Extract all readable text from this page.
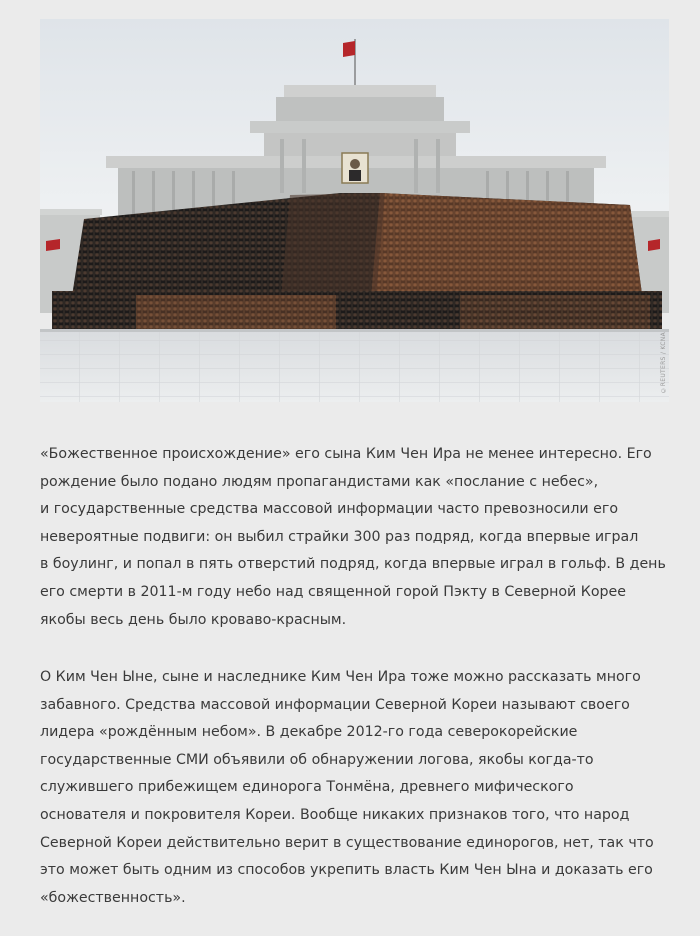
©REUTERS / KCNA
«Божественное происхождение» его сына Ким Чен Ира не менее интересно. Его
рождение было подано людям пропагандистами как «послание с небес»,
и государственные средства массовой информации часто превозносили его
невероятные подвиги: он выбил страйки 300 раз подряд, когда впервые играл
в боулинг, и попал в пять отверстий подряд, когда впервые играл в гольф. В день
его смерти в 2011-м году небо над священной горой Пэкту в Северной Корее
якобы весь день было кроваво-красным.
О Ким Чен Ыне, сыне и наследнике Ким Чен Ира тоже можно рассказать много
забавного. Средства массовой информации Северной Кореи называют своего
лидера «рождённым небом». В декабре 2012-го года северокорейские
государственные СМИ объявили об обнаружении логова, якобы когда-то
служившего прибежищем единорога Тонмёна, древнего мифического
основателя и покровителя Кореи. Вообще никаких признаков того, что народ
Северной Кореи действительно верит в существование единорогов, нет, так что
это может быть одним из способов укрепить власть Ким Чен Ына и доказать его
«божественность».
